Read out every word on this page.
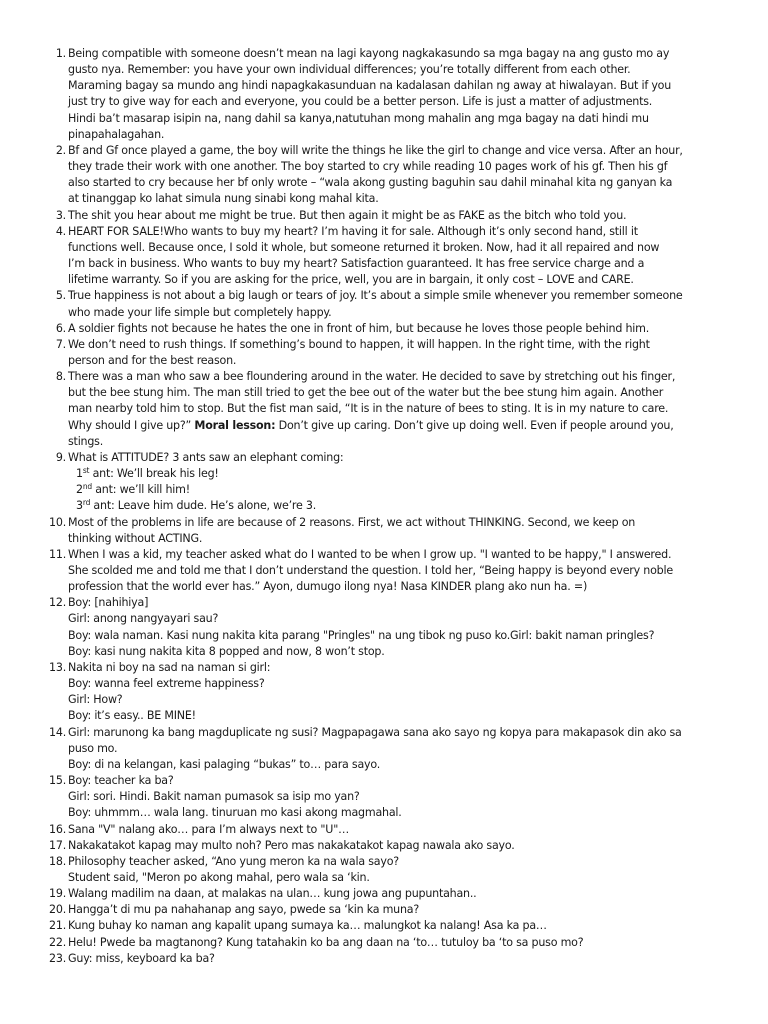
1. Being compatible with someone doesn’t mean na lagi kayong nagkakasundo sa mga bagay na ang gusto mo ay
gusto nya. Remember: you have your own individual differences; you’re totally different from each other.
Maraming bagay sa mundo ang hindi napagkakasunduan na kadalasan dahilan ng away at hiwalayan. But if you
just try to give way for each and everyone, you could be a better person. Life is just a matter of adjustments.
Hindi ba’t masarap isipin na, nang dahil sa kanya,natutuhan mong mahalin ang mga bagay na dati hindi mu
pinapahalagahan.
2. Bf and Gf once played a game, the boy will write the things he like the girl to change and vice versa. After an hour,
they trade their work with one another. The boy started to cry while reading 10 pages work of his gf. Then his gf
also started to cry because her bf only wrote – “wala akong gusting baguhin sau dahil minahal kita ng ganyan ka
at tinanggap ko lahat simula nung sinabi kong mahal kita.
3. The shit you hear about me might be true. But then again it might be as FAKE as the bitch who told you.
4. HEART FOR SALE!Who wants to buy my heart? I’m having it for sale. Although it’s only second hand, still it
functions well. Because once, I sold it whole, but someone returned it broken. Now, had it all repaired and now
I’m back in business. Who wants to buy my heart? Satisfaction guaranteed. It has free service charge and a
lifetime warranty. So if you are asking for the price, well, you are in bargain, it only cost – LOVE and CARE.
5. True happiness is not about a big laugh or tears of joy. It’s about a simple smile whenever you remember someone
who made your life simple but completely happy.
6. A soldier fights not because he hates the one in front of him, but because he loves those people behind him.
7. We don’t need to rush things. If something’s bound to happen, it will happen. In the right time, with the right
person and for the best reason.
8. There was a man who saw a bee floundering around in the water. He decided to save by stretching out his finger,
but the bee stung him. The man still tried to get the bee out of the water but the bee stung him again. Another
man nearby told him to stop. But the fist man said, “It is in the nature of bees to sting. It is in my nature to care.
Why should I give up?” Moral lesson: Don’t give up caring. Don’t give up doing well. Even if people around you,
stings.
9. What is ATTITUDE? 3 ants saw an elephant coming:
1st ant: We’ll break his leg!
2nd ant: we’ll kill him!
3rd ant: Leave him dude. He’s alone, we’re 3.
10. Most of the problems in life are because of 2 reasons. First, we act without THINKING. Second, we keep on
thinking without ACTING.
11. When I was a kid, my teacher asked what do I wanted to be when I grow up. "I wanted to be happy," I answered.
She scolded me and told me that I don’t understand the question. I told her, “Being happy is beyond every noble
profession that the world ever has.” Ayon, dumugo ilong nya! Nasa KINDER plang ako nun ha. =)
12. Boy: [nahihiya]
Girl: anong nangyayari sau?
Boy: wala naman. Kasi nung nakita kita parang "Pringles" na ung tibok ng puso ko.Girl: bakit naman pringles?
Boy: kasi nung nakita kita 8 popped and now, 8 won’t stop.
13. Nakita ni boy na sad na naman si girl:
Boy: wanna feel extreme happiness?
Girl: How?
Boy: it’s easy.. BE MINE!
14. Girl: marunong ka bang magduplicate ng susi? Magpapagawa sana ako sayo ng kopya para makapasok din ako sa
puso mo.
Boy: di na kelangan, kasi palaging “bukas” to… para sayo.
15. Boy: teacher ka ba?
Girl: sori. Hindi. Bakit naman pumasok sa isip mo yan?
Boy: uhmmm… wala lang. tinuruan mo kasi akong magmahal.
16. Sana "V" nalang ako… para I’m always next to "U"…
17. Nakakatakot kapag may multo noh? Pero mas nakakatakot kapag nawala ako sayo.
18. Philosophy teacher asked, “Ano yung meron ka na wala sayo?
Student said, "Meron po akong mahal, pero wala sa ‘kin.
19. Walang madilim na daan, at malakas na ulan… kung jowa ang pupuntahan..
20. Hangga’t di mu pa nahahanap ang sayo, pwede sa ‘kin ka muna?
21. Kung buhay ko naman ang kapalit upang sumaya ka… malungkot ka nalang! Asa ka pa…
22. Helu! Pwede ba magtanong? Kung tatahakin ko ba ang daan na ‘to… tutuloy ba ‘to sa puso mo?
23. Guy: miss, keyboard ka ba?
